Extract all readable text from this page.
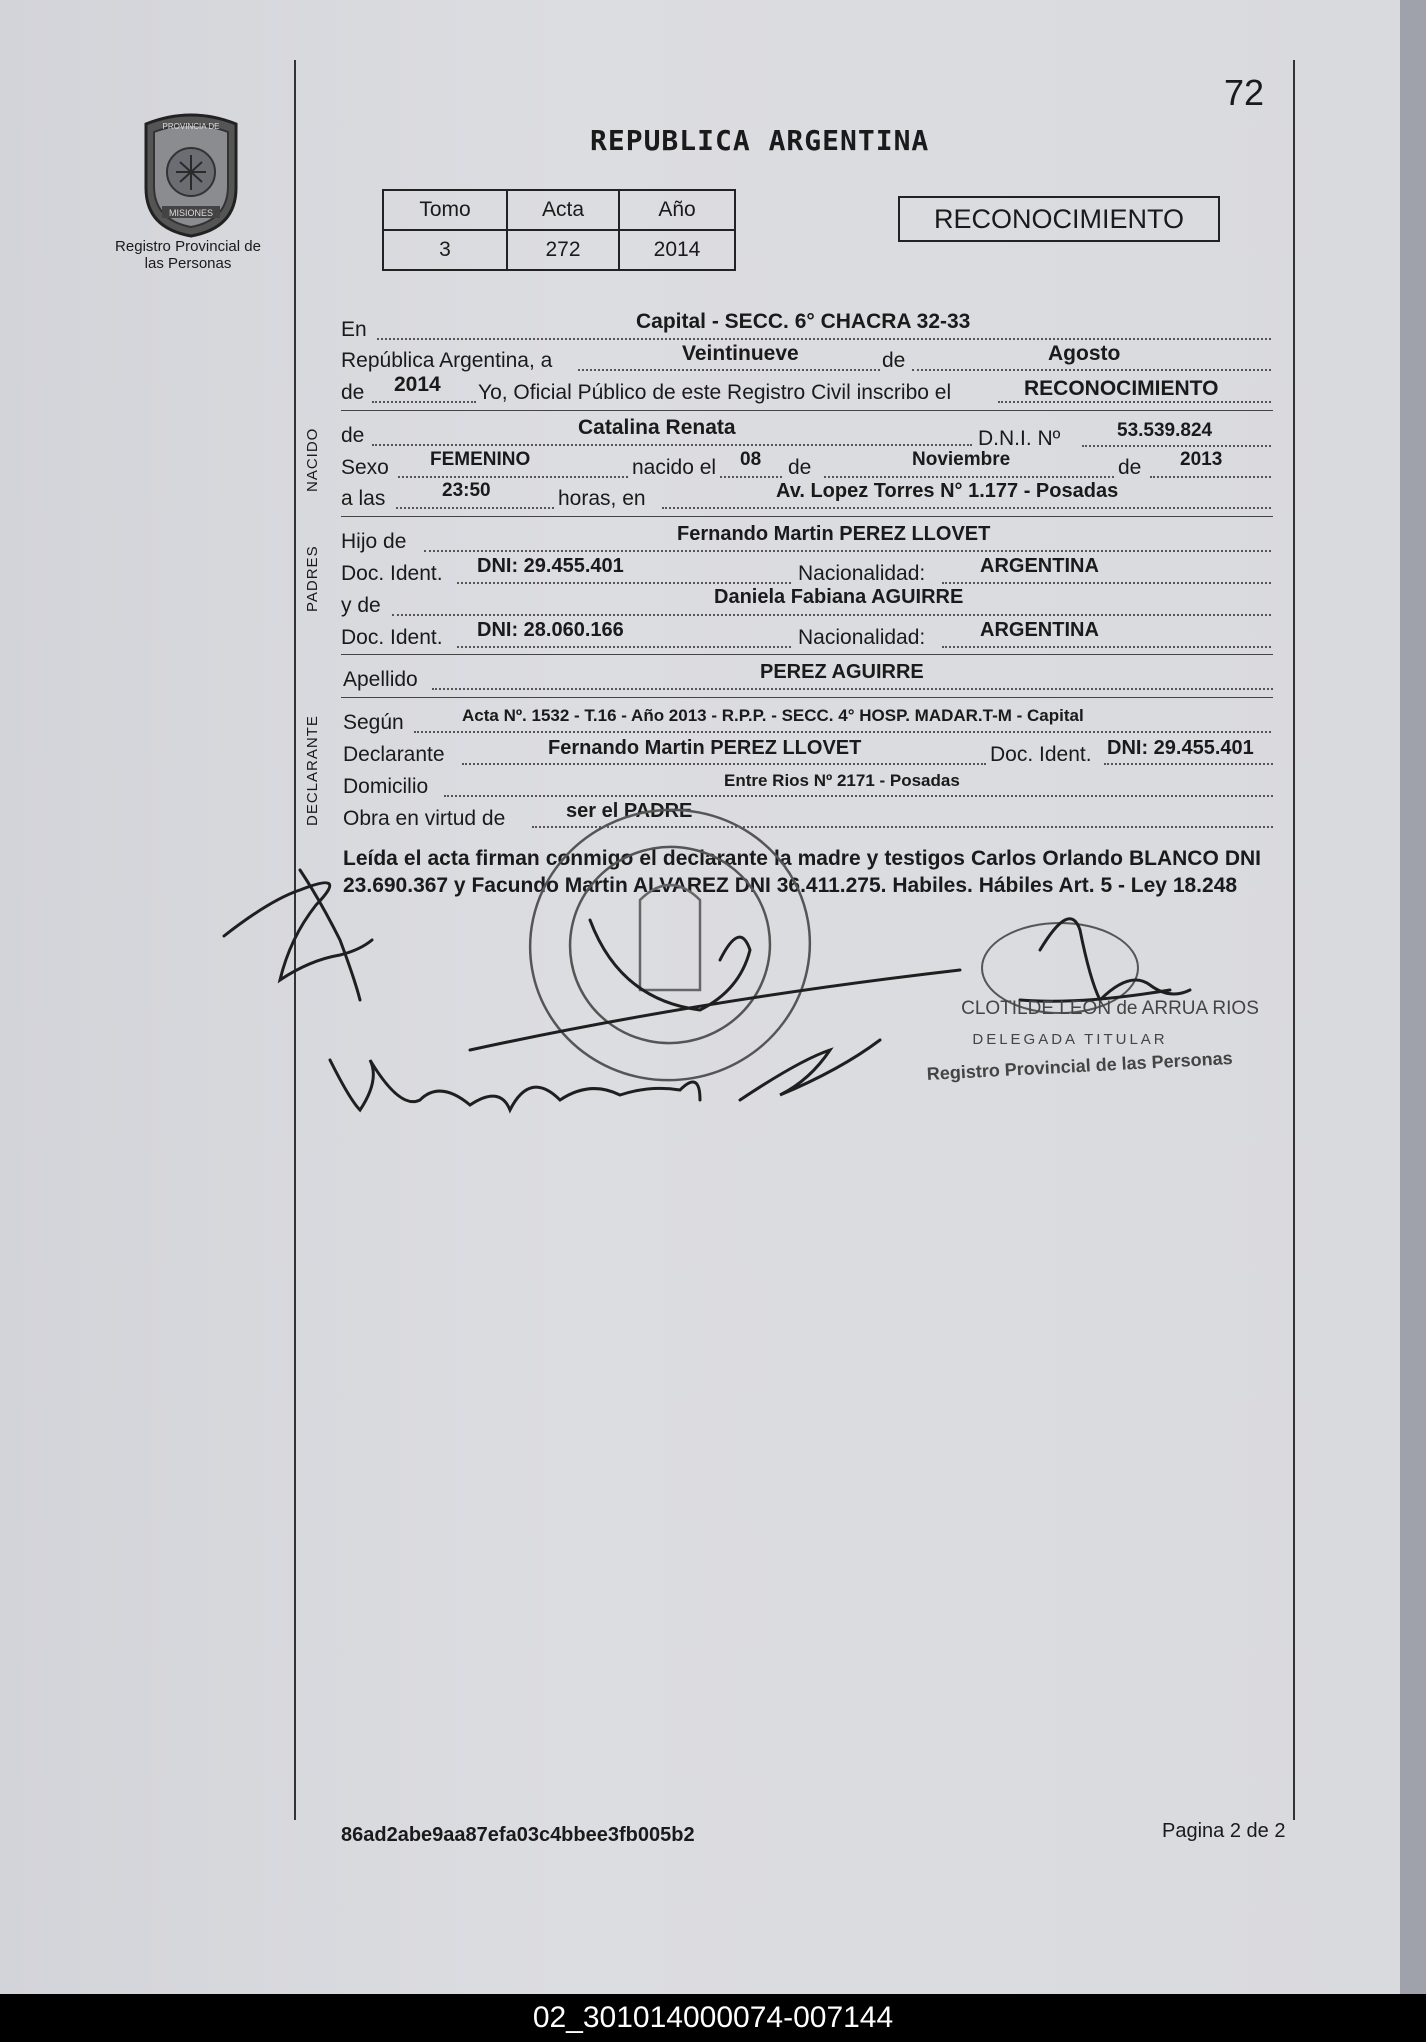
PROVINCIA DE
MISIONES
Registro Provincial de las Personas
72
REPUBLICA ARGENTINA
Tomo	Acta	Año
3	272	2014
RECONOCIMIENTO
NACIDO
PADRES
DECLARANTE
En	Capital - SECC. 6° CHACRA 32-33
República Argentina, a	Veintinueve	de	Agosto
de 2014 Yo, Oficial Público de este Registro Civil inscribo el	RECONOCIMIENTO
de	Catalina Renata	D.N.I. Nº	53.539.824
Sexo FEMENINO	nacido el 08 de	Noviembre	de 2013
a las	23:50	horas, en	Av. Lopez Torres N° 1.177 - Posadas
Hijo de	Fernando Martin PEREZ LLOVET
Doc. Ident. DNI: 29.455.401	Nacionalidad:	ARGENTINA
y de	Daniela Fabiana AGUIRRE
Doc. Ident. DNI: 28.060.166	Nacionalidad:	ARGENTINA
Apellido	PEREZ AGUIRRE
Según	Acta Nº. 1532 - T.16 - Año 2013 - R.P.P. - SECC. 4° HOSP. MADAR.T-M - Capital
Declarante	Fernando Martin PEREZ LLOVET	Doc. Ident. DNI: 29.455.401
Domicilio	Entre Rios Nº 2171 - Posadas
Obra en virtud de	ser el PADRE
Leída el acta firman conmigo el declarante la madre y testigos Carlos Orlando BLANCO DNI 23.690.367 y Facundo Martin ALVAREZ DNI 36.411.275. Habiles. Hábiles Art. 5 - Ley 18.248
CLOTILDE LEON de ARRUA RIOS
DELEGADA TITULAR
Registro Provincial de las Personas
86ad2abe9aa87efa03c4bbee3fb005b2	Pagina 2 de 2
02_301014000074-007144
